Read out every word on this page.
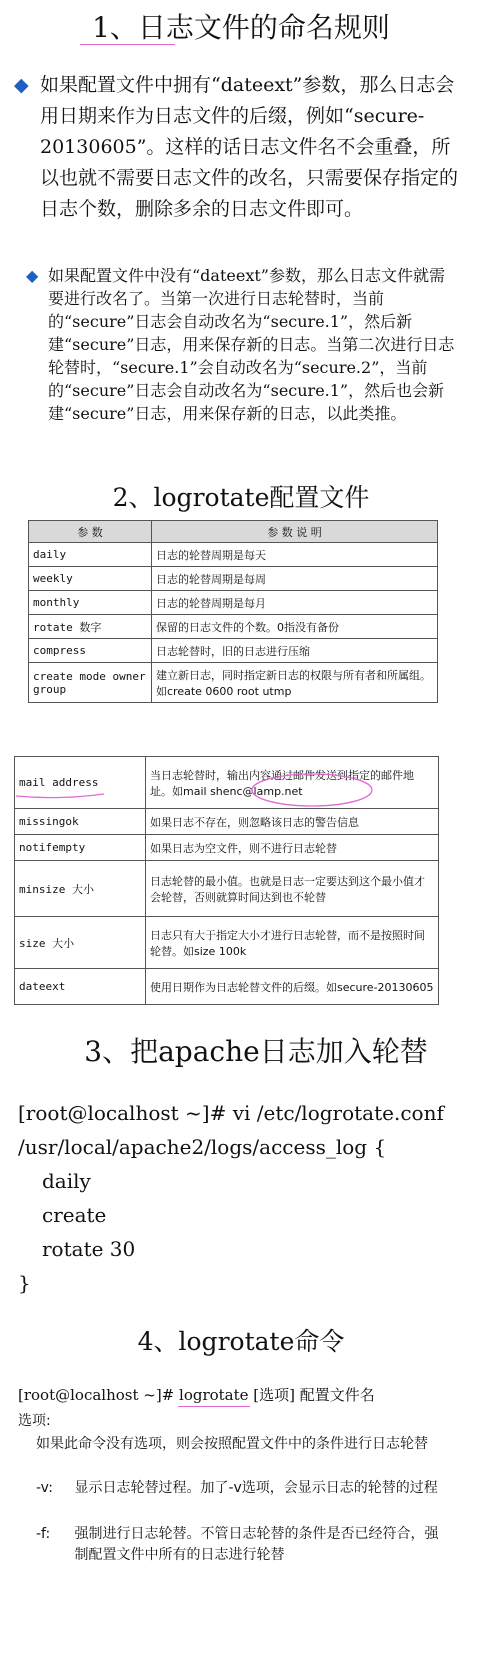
1、日志文件的命名规则
◆ 如果配置文件中拥有“dateext”参数，那么日志会用日期来作为日志文件的后缀，例如“secure-20130605”。这样的话日志文件名不会重叠，所以也就不需要日志文件的改名，只需要保存指定的日志个数，删除多余的日志文件即可。
◆ 如果配置文件中没有“dateext”参数，那么日志文件就需要进行改名了。当第一次进行日志轮替时，当前的“secure”日志会自动改名为“secure.1”，然后新建“secure”日志，用来保存新的日志。当第二次进行日志轮替时，“secure.1”会自动改名为“secure.2”，当前的“secure”日志会自动改名为“secure.1”，然后也会新建“secure”日志，用来保存新的日志，以此类推。
2、logrotate配置文件
参 数	参 数 说 明
daily	日志的轮替周期是每天
weekly	日志的轮替周期是每周
monthly	日志的轮替周期是每月
rotate 数字	保留的日志文件的个数。0指没有备份
compress	日志轮替时，旧的日志进行压缩
create mode owner group	建立新日志，同时指定新日志的权限与所有者和所属组。如create 0600 root utmp
mail address	当日志轮替时，输出内容通过邮件发送到指定的邮件地址。如mail shenc@lamp.net
missingok	如果日志不存在，则忽略该日志的警告信息
notifempty	如果日志为空文件，则不进行日志轮替
minsize 大小	日志轮替的最小值。也就是日志一定要达到这个最小值才会轮替，否则就算时间达到也不轮替
size 大小	日志只有大于指定大小才进行日志轮替，而不是按照时间轮替。如size 100k
dateext	使用日期作为日志轮替文件的后缀。如secure-20130605
3、把apache日志加入轮替
[root@localhost ~]# vi /etc/logrotate.conf
/usr/local/apache2/logs/access_log {
daily
create
rotate 30
}
4、logrotate命令
[root@localhost ~]# logrotate [选项] 配置文件名
选项:
如果此命令没有选项，则会按照配置文件中的条件进行日志轮替
-v: 显示日志轮替过程。加了-v选项，会显示日志的轮替的过程
-f: 强制进行日志轮替。不管日志轮替的条件是否已经符合，强制配置文件中所有的日志进行轮替
